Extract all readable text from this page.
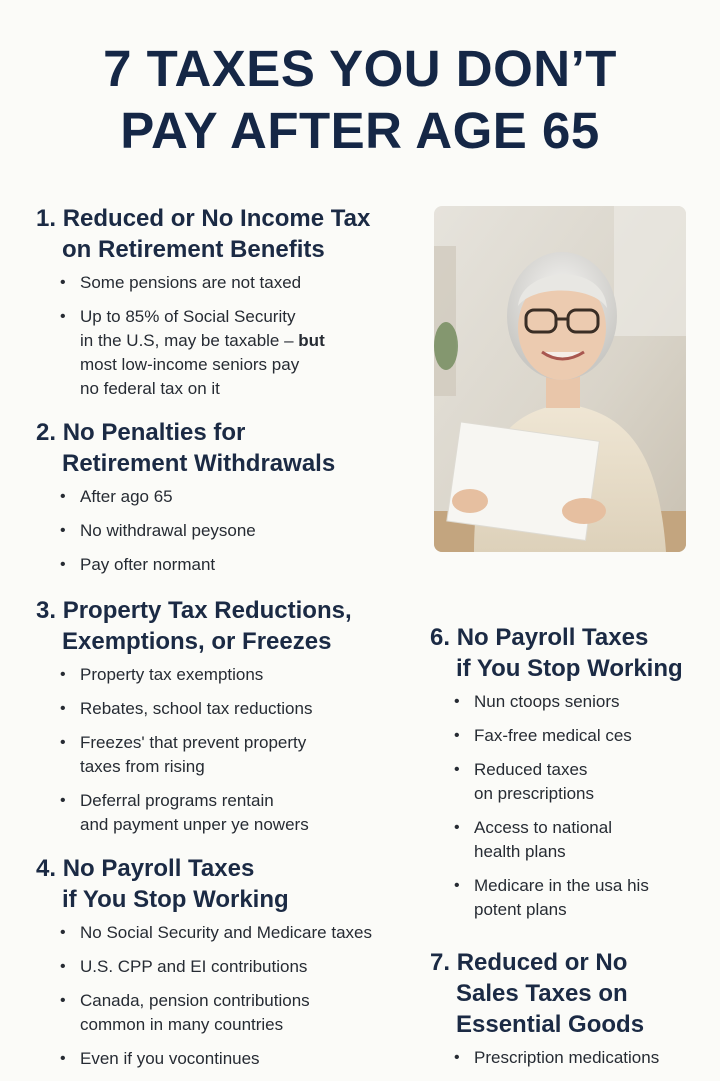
7 TAXES YOU DON’T
PAY AFTER AGE 65
1. Reduced or No Income Tax
on Retirement Benefits
• Some pensions are not taxed
• Up to 85% of Social Security
in the U.S, may be taxable – but
most low-income seniors pay
no federal tax on it
2. No Penalties for
Retirement Withdrawals
• After ago 65
• No withdrawal peysone
• Pay ofter normant
3. Property Tax Reductions,
Exemptions, or Freezes
• Property tax exemptions
• Rebates, school tax reductions
• Freezes' that prevent property
taxes from rising
• Deferral programs rentain
and payment unper ye nowers
4. No Payroll Taxes
if You Stop Working
• No Social Security and Medicare taxes
• U.S. CPP and EI contributions
• Canada, pension contributions
common in many countries
• Even if you vocontinues
6. No Payroll Taxes
if You Stop Working
• Nun ctoops seniors
• Fax-free medical ces
• Reduced taxes
on prescriptions
• Access to national
health plans
• Medicare in the usa his
potent plans
7. Reduced or No
Sales Taxes on
Essential Goods
• Prescription medications
